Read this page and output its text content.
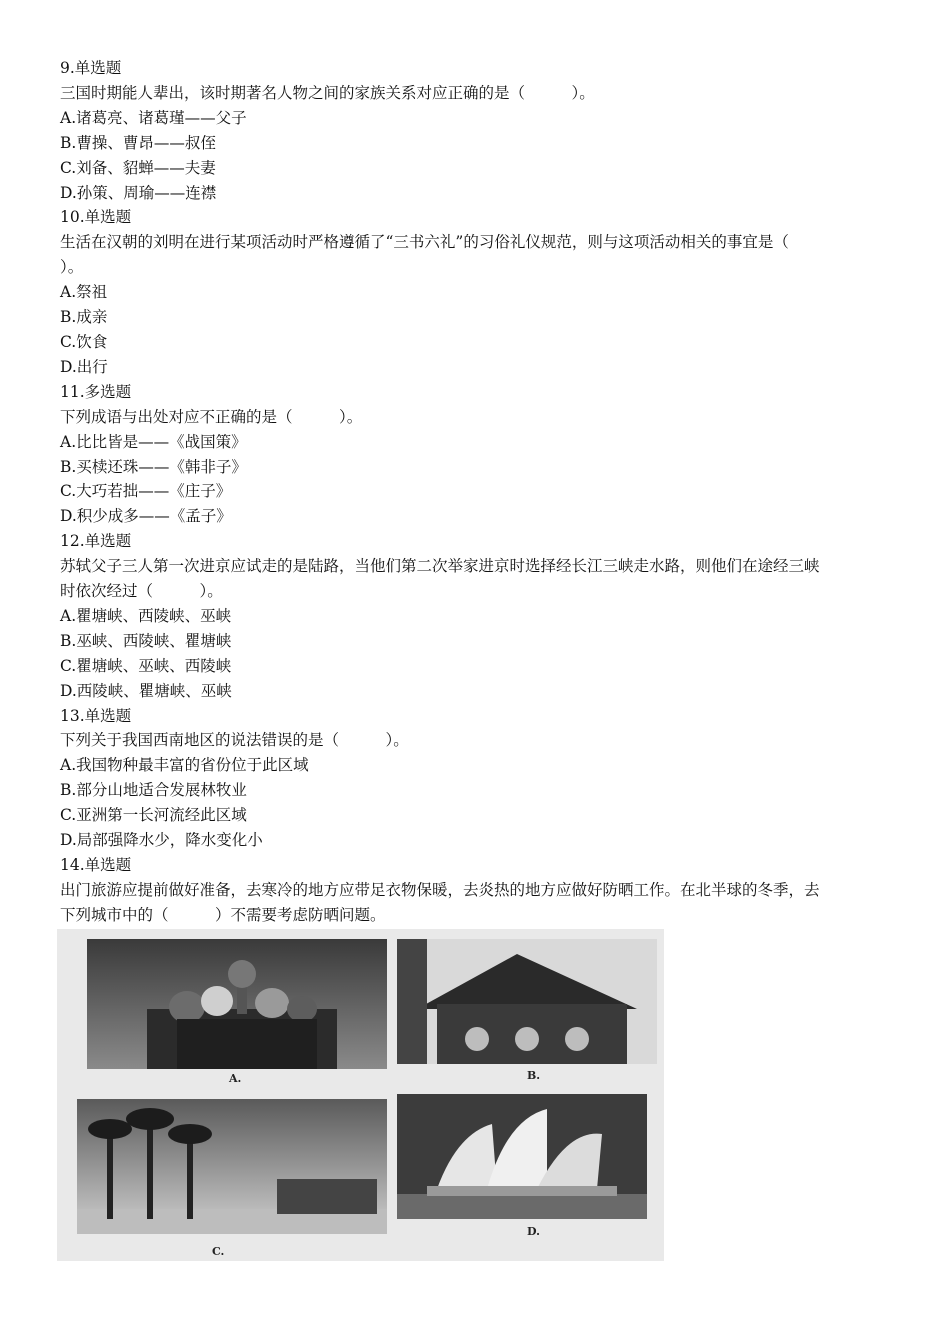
9.单选题

三国时期能人辈出，该时期著名人物之间的家族关系对应正确的是（　　　）。

A.诸葛亮、诸葛瑾——父子

B.曹操、曹昂——叔侄

C.刘备、貂蝉——夫妻

D.孙策、周瑜——连襟

10.单选题

生活在汉朝的刘明在进行某项活动时严格遵循了“三书六礼”的习俗礼仪规范，则与这项活动相关的事宜是（

）。

A.祭祖

B.成亲

C.饮食

D.出行

11.多选题

下列成语与出处对应不正确的是（　　　）。

A.比比皆是——《战国策》

B.买椟还珠——《韩非子》

C.大巧若拙——《庄子》

D.积少成多——《孟子》

12.单选题

苏轼父子三人第一次进京应试走的是陆路，当他们第二次举家进京时选择经长江三峡走水路，则他们在途经三峡

时依次经过（　　　）。

A.瞿塘峡、西陵峡、巫峡

B.巫峡、西陵峡、瞿塘峡

C.瞿塘峡、巫峡、西陵峡

D.西陵峡、瞿塘峡、巫峡

13.单选题

下列关于我国西南地区的说法错误的是（　　　）。

A.我国物种最丰富的省份位于此区域

B.部分山地适合发展林牧业

C.亚洲第一长河流经此区域

D.局部强降水少，降水变化小

14.单选题

出门旅游应提前做好准备，去寒冷的地方应带足衣物保暖，去炎热的地方应做好防晒工作。在北半球的冬季，去

下列城市中的（　　　）不需要考虑防晒问题。

A.	B.
C.
D.
